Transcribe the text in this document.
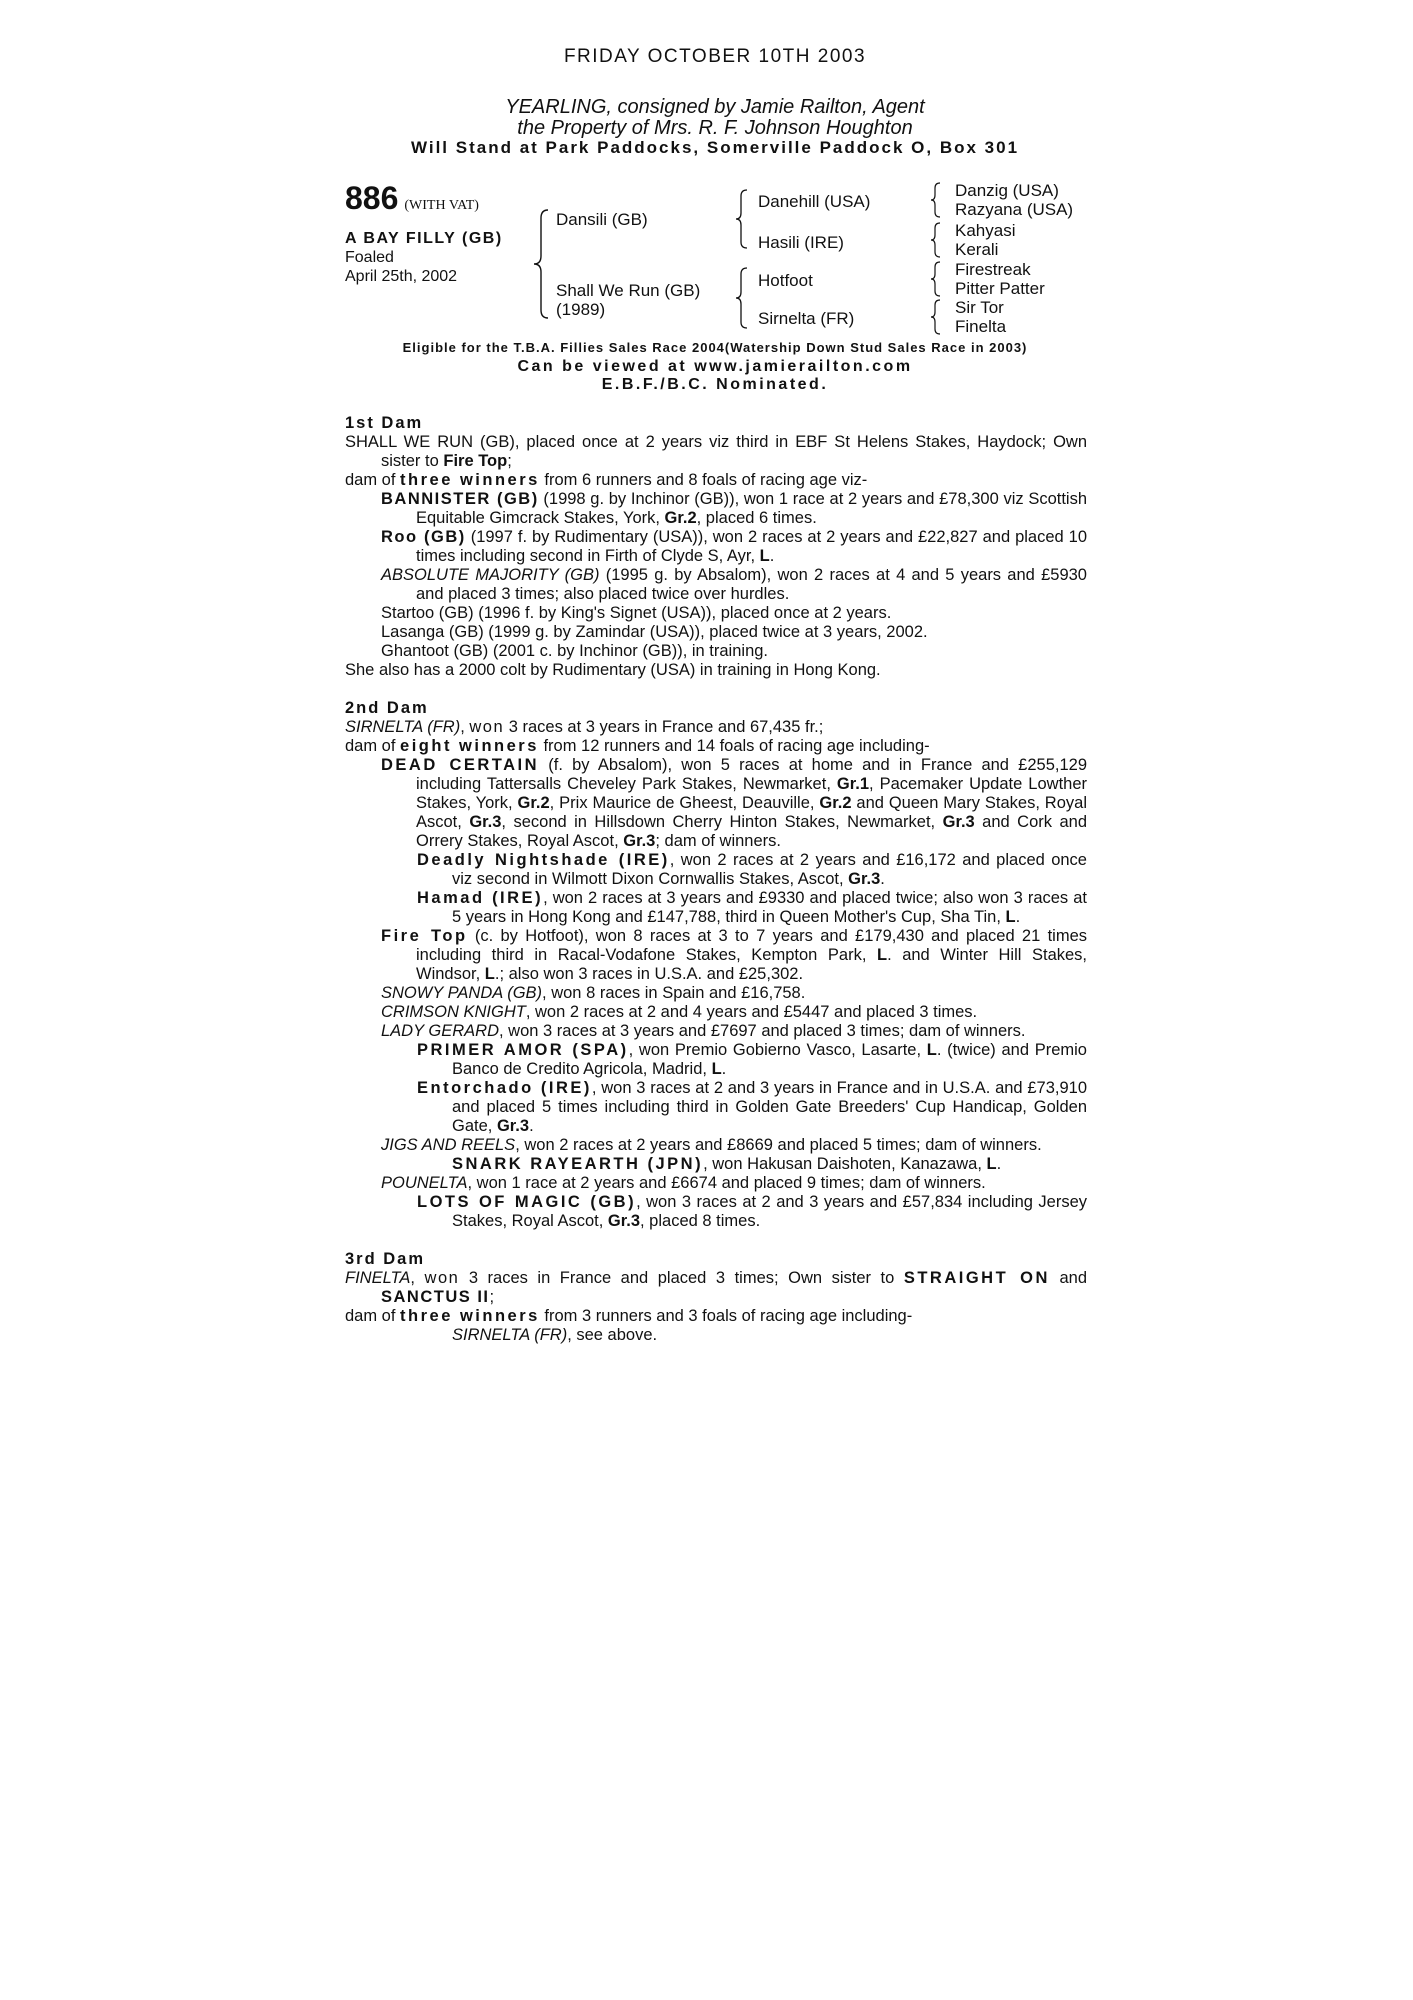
FRIDAY OCTOBER 10TH 2003
YEARLING, consigned by Jamie Railton, Agent
the Property of Mrs. R. F. Johnson Houghton
Will Stand at Park Paddocks, Somerville Paddock O, Box 301
886 (WITH VAT)
A BAY FILLY (GB)
Foaled
April 25th, 2002
Dansili (GB)
Shall We Run (GB)
(1989)
Danehill (USA)
Hasili (IRE)
Hotfoot
Sirnelta (FR)
Danzig (USA)
Razyana (USA)
Kahyasi
Kerali
Firestreak
Pitter Patter
Sir Tor
Finelta
Eligible for the T.B.A. Fillies Sales Race 2004(Watership Down Stud Sales Race in 2003)
Can be viewed at www.jamierailton.com
E.B.F./B.C. Nominated.

1st Dam

SHALL WE RUN (GB), placed once at 2 years viz third in EBF St Helens Stakes, Haydock; Own sister to Fire Top;

dam of three winners from 6 runners and 8 foals of racing age viz-

BANNISTER (GB) (1998 g. by Inchinor (GB)), won 1 race at 2 years and £78,300 viz Scottish Equitable Gimcrack Stakes, York, Gr.2, placed 6 times.

Roo (GB) (1997 f. by Rudimentary (USA)), won 2 races at 2 years and £22,827 and placed 10 times including second in Firth of Clyde S, Ayr, L.

ABSOLUTE MAJORITY (GB) (1995 g. by Absalom), won 2 races at 4 and 5 years and £5930 and placed 3 times; also placed twice over hurdles.

Startoo (GB) (1996 f. by King's Signet (USA)), placed once at 2 years.

Lasanga (GB) (1999 g. by Zamindar (USA)), placed twice at 3 years, 2002.

Ghantoot (GB) (2001 c. by Inchinor (GB)), in training.

She also has a 2000 colt by Rudimentary (USA) in training in Hong Kong.

2nd Dam

SIRNELTA (FR), won 3 races at 3 years in France and 67,435 fr.;

dam of eight winners from 12 runners and 14 foals of racing age including-

DEAD CERTAIN (f. by Absalom), won 5 races at home and in France and £255,129 including Tattersalls Cheveley Park Stakes, Newmarket, Gr.1, Pacemaker Update Lowther Stakes, York, Gr.2, Prix Maurice de Gheest, Deauville, Gr.2 and Queen Mary Stakes, Royal Ascot, Gr.3, second in Hillsdown Cherry Hinton Stakes, Newmarket, Gr.3 and Cork and Orrery Stakes, Royal Ascot, Gr.3; dam of winners.

Deadly Nightshade (IRE), won 2 races at 2 years and £16,172 and placed once viz second in Wilmott Dixon Cornwallis Stakes, Ascot, Gr.3.

Hamad (IRE), won 2 races at 3 years and £9330 and placed twice; also won 3 races at 5 years in Hong Kong and £147,788, third in Queen Mother's Cup, Sha Tin, L.

Fire Top (c. by Hotfoot), won 8 races at 3 to 7 years and £179,430 and placed 21 times including third in Racal-Vodafone Stakes, Kempton Park, L. and Winter Hill Stakes, Windsor, L.; also won 3 races in U.S.A. and £25,302.

SNOWY PANDA (GB), won 8 races in Spain and £16,758.

CRIMSON KNIGHT, won 2 races at 2 and 4 years and £5447 and placed 3 times.

LADY GERARD, won 3 races at 3 years and £7697 and placed 3 times; dam of winners.

PRIMER AMOR (SPA), won Premio Gobierno Vasco, Lasarte, L. (twice) and Premio Banco de Credito Agricola, Madrid, L.

Entorchado (IRE), won 3 races at 2 and 3 years in France and in U.S.A. and £73,910 and placed 5 times including third in Golden Gate Breeders' Cup Handicap, Golden Gate, Gr.3.

JIGS AND REELS, won 2 races at 2 years and £8669 and placed 5 times; dam of winners.

SNARK RAYEARTH (JPN), won Hakusan Daishoten, Kanazawa, L.

POUNELTA, won 1 race at 2 years and £6674 and placed 9 times; dam of winners.

LOTS OF MAGIC (GB), won 3 races at 2 and 3 years and £57,834 including Jersey Stakes, Royal Ascot, Gr.3, placed 8 times.

3rd Dam

FINELTA, won 3 races in France and placed 3 times; Own sister to STRAIGHT ON and SANCTUS II;

dam of three winners from 3 runners and 3 foals of racing age including-

SIRNELTA (FR), see above.
